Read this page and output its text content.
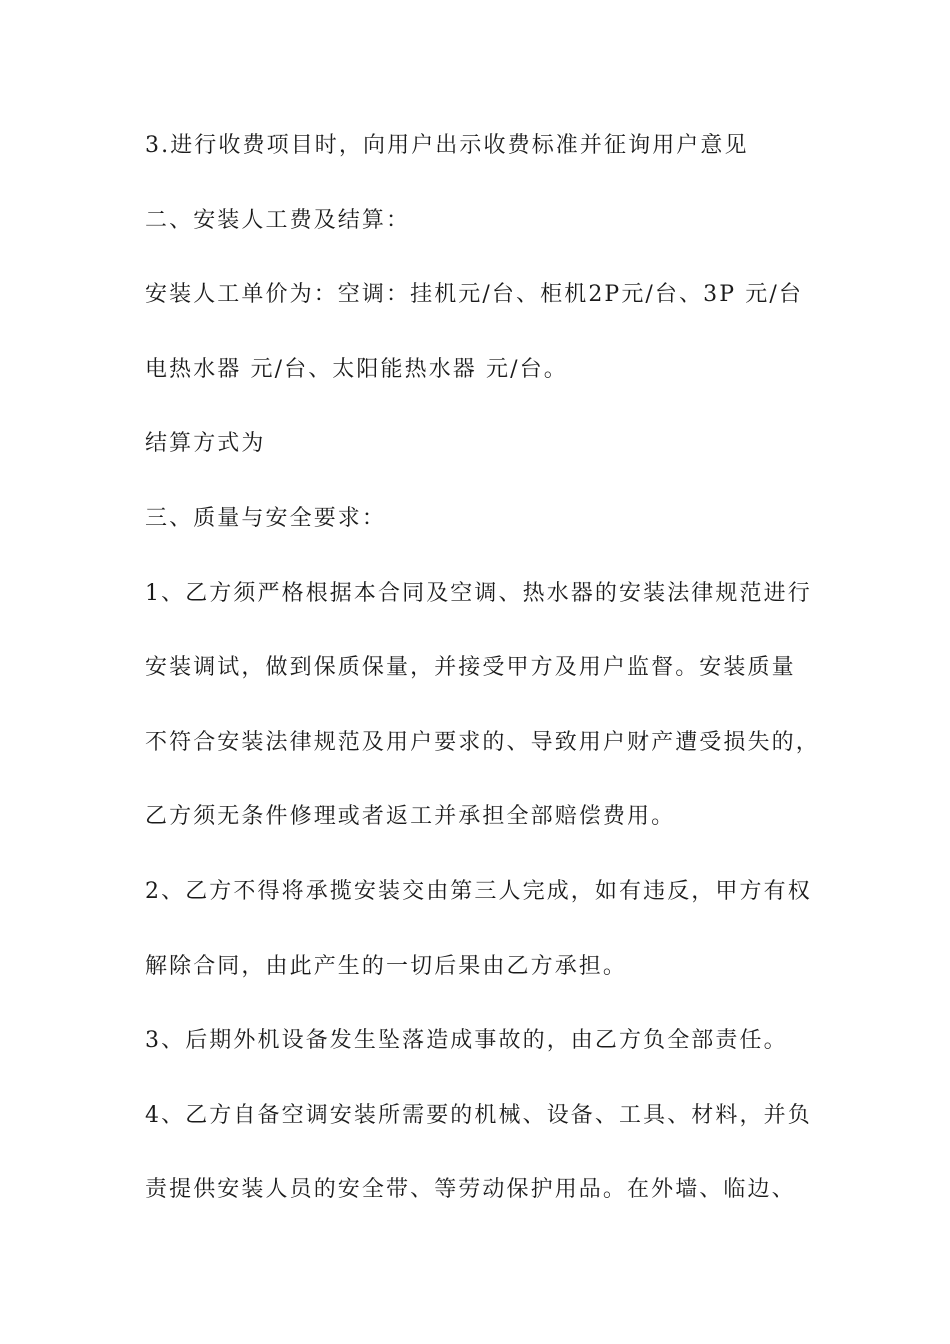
3.进行收费项目时，向用户出示收费标准并征询用户意见
二、安装人工费及结算：
安装人工单价为：空调：挂机元/台、柜机2P元/台、3P 元/台
电热水器 元/台、太阳能热水器 元/台。
结算方式为
三、质量与安全要求：
1、乙方须严格根据本合同及空调、热水器的安装法律规范进行
安装调试，做到保质保量，并接受甲方及用户监督。安装质量
不符合安装法律规范及用户要求的、导致用户财产遭受损失的，
乙方须无条件修理或者返工并承担全部赔偿费用。
2、乙方不得将承揽安装交由第三人完成，如有违反，甲方有权
解除合同，由此产生的一切后果由乙方承担。
3、后期外机设备发生坠落造成事故的，由乙方负全部责任。
4、乙方自备空调安装所需要的机械、设备、工具、材料，并负
责提供安装人员的安全带、等劳动保护用品。在外墙、临边、
